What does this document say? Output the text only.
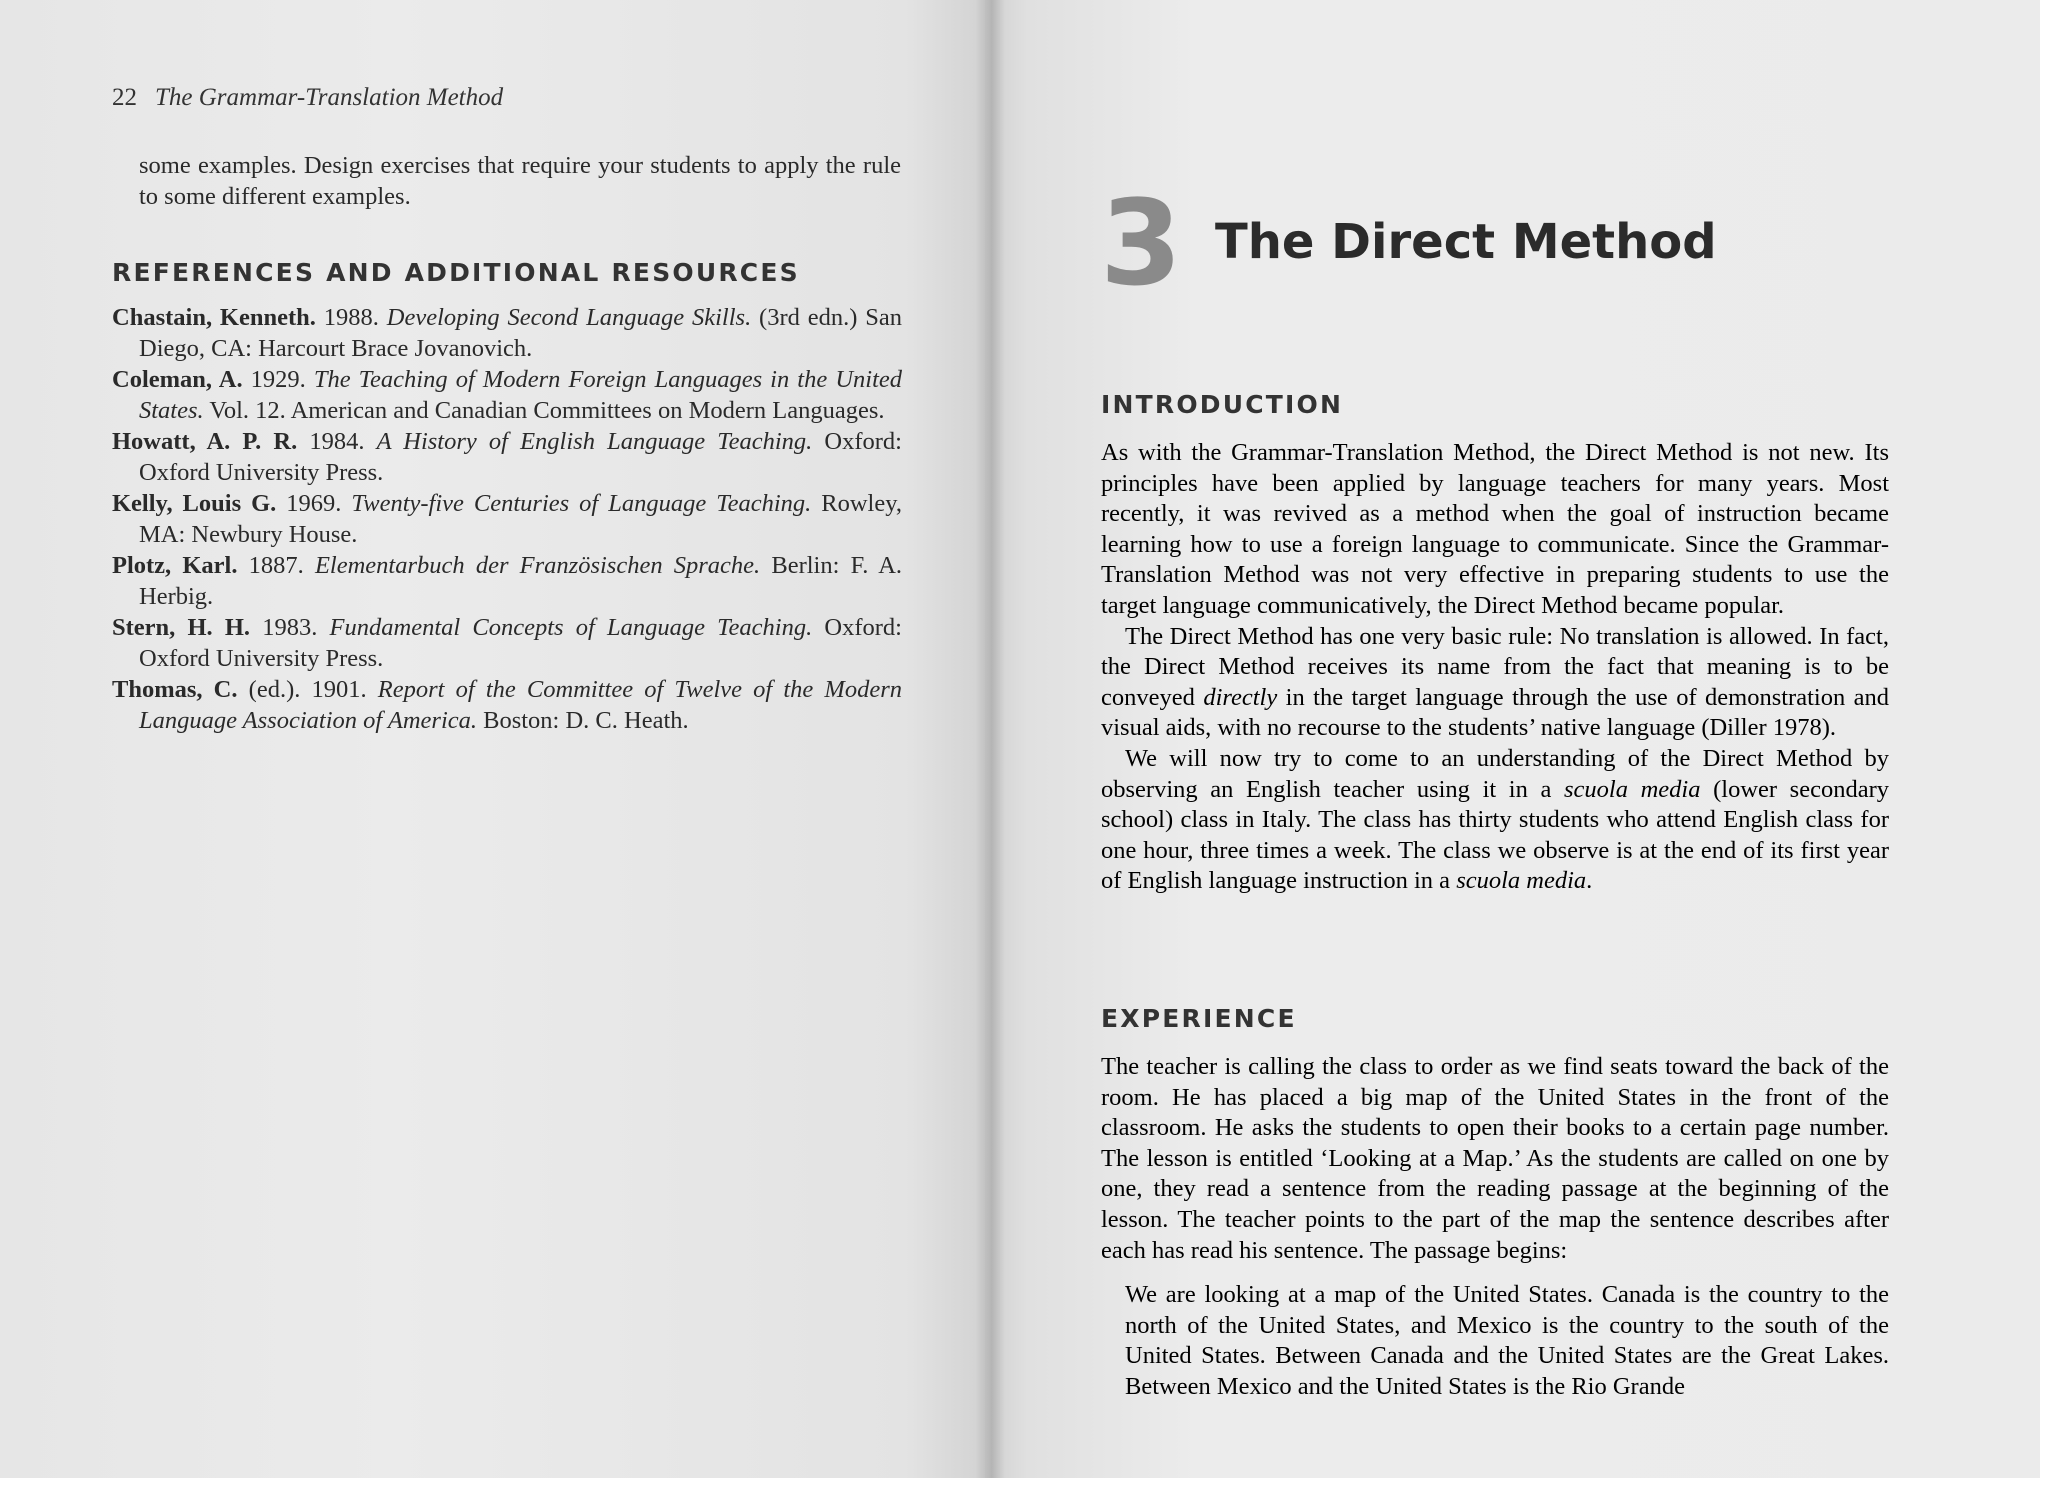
22 The Grammar-Translation Method

some examples. Design exercises that require your students to apply the rule to some different examples.

REFERENCES AND ADDITIONAL RESOURCES
Chastain, Kenneth. 1988. Developing Second Language Skills. (3rd edn.) San Diego, CA: Harcourt Brace Jovanovich.
Coleman, A. 1929. The Teaching of Modern Foreign Languages in the United States. Vol. 12. American and Canadian Committees on Modern Languages.
Howatt, A. P. R. 1984. A History of English Language Teaching. Oxford: Oxford University Press.
Kelly, Louis G. 1969. Twenty-five Centuries of Language Teaching. Rowley, MA: Newbury House.
Plotz, Karl. 1887. Elementarbuch der Französischen Sprache. Berlin: F. A. Herbig.
Stern, H. H. 1983. Fundamental Concepts of Language Teaching. Oxford: Oxford University Press.
Thomas, C. (ed.). 1901. Report of the Committee of Twelve of the Modern Language Association of America. Boston: D. C. Heath.
3 The Direct Method
INTRODUCTION

As with the Grammar-Translation Method, the Direct Method is not new. Its principles have been applied by language teachers for many years. Most recently, it was revived as a method when the goal of instruction became learning how to use a foreign language to communicate. Since the Grammar-Translation Method was not very effective in preparing students to use the target language communicatively, the Direct Method became popular.

The Direct Method has one very basic rule: No translation is allowed. In fact, the Direct Method receives its name from the fact that meaning is to be conveyed directly in the target language through the use of demonstration and visual aids, with no recourse to the students’ native language (Diller 1978).

We will now try to come to an understanding of the Direct Method by observing an English teacher using it in a scuola media (lower secondary school) class in Italy. The class has thirty students who attend English class for one hour, three times a week. The class we observe is at the end of its first year of English language instruction in a scuola media.

EXPERIENCE

The teacher is calling the class to order as we find seats toward the back of the room. He has placed a big map of the United States in the front of the classroom. He asks the students to open their books to a certain page number. The lesson is entitled ‘Looking at a Map.’ As the students are called on one by one, they read a sentence from the reading passage at the beginning of the lesson. The teacher points to the part of the map the sentence describes after each has read his sentence. The passage begins:

We are looking at a map of the United States. Canada is the country to the north of the United States, and Mexico is the country to the south of the United States. Between Canada and the United States are the Great Lakes. Between Mexico and the United States is the Rio Grande
